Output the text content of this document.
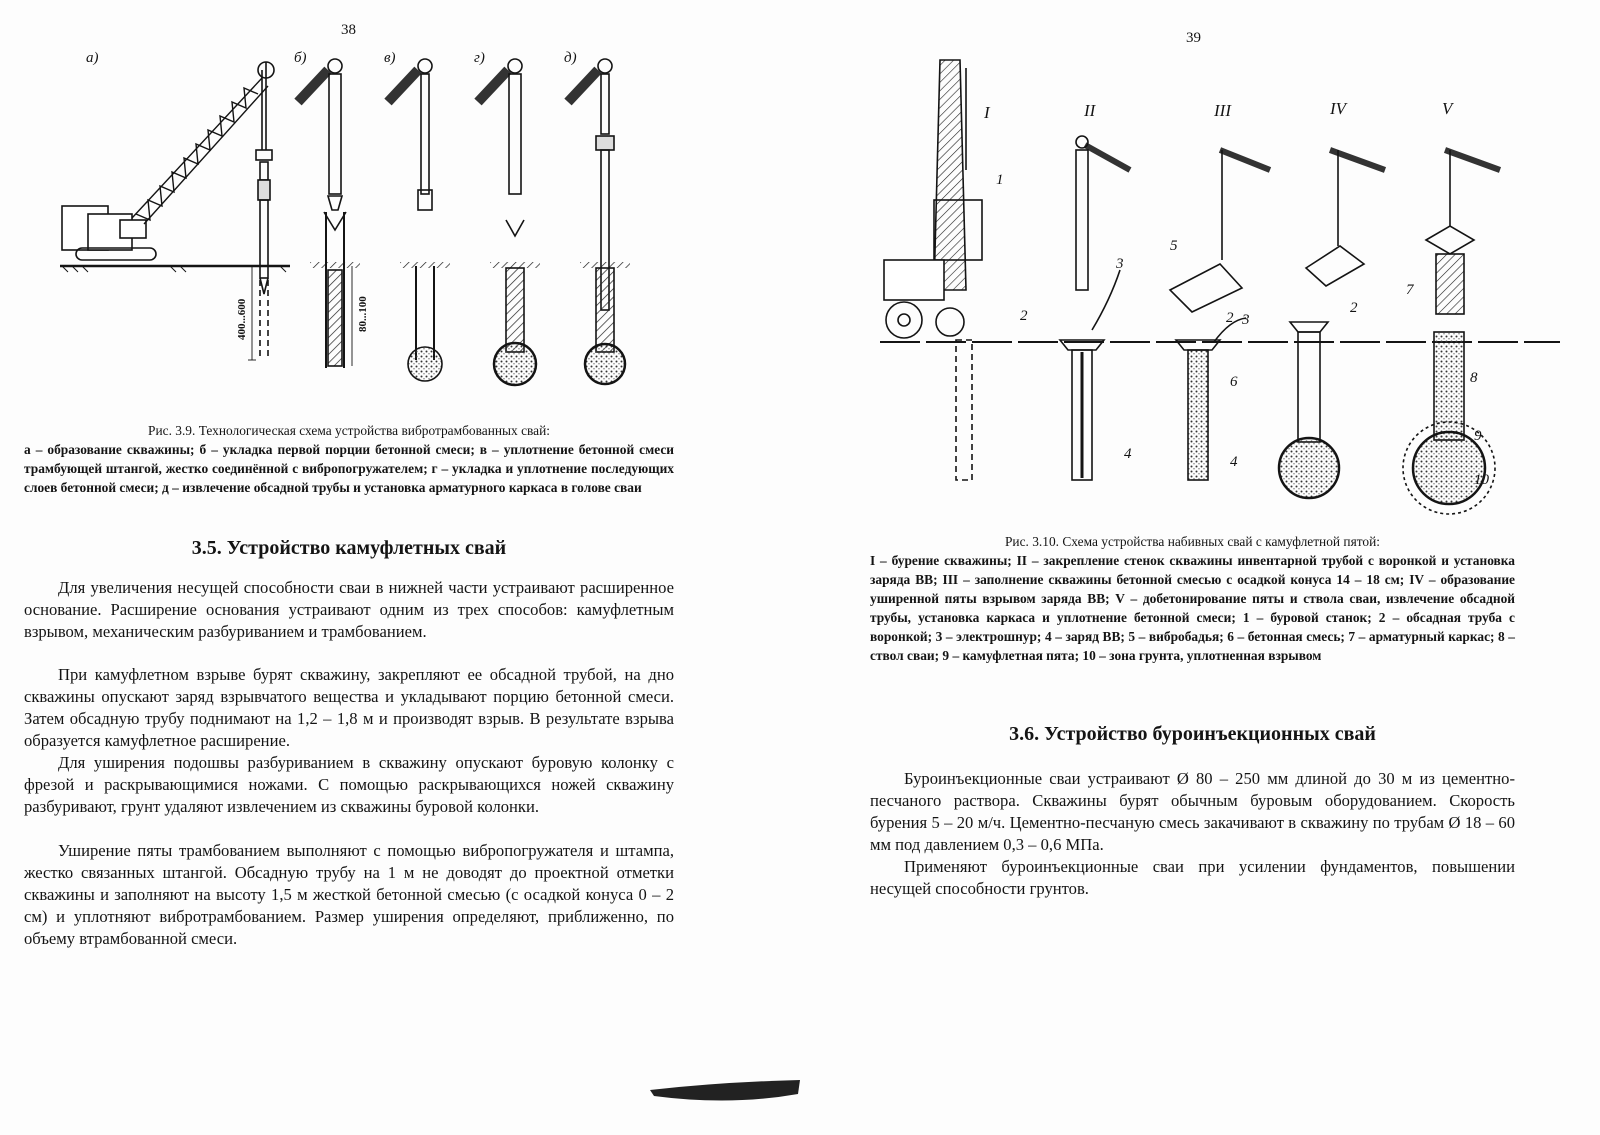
38
а)	б)	в)	г)	д)
400...600	80...100
Рис. 3.9. Технологическая схема устройства вибротрамбованных свай:
а – образование скважины; б – укладка первой порции бетонной смеси; в – уплотнение бетонной смеси трамбующей штангой, жестко соединённой с вибропогружателем; г – укладка и уплотнение последующих слоев бетонной смеси; д – извлечение обсадной трубы и установка арматурного каркаса в голове сваи
3.5. Устройство камуфлетных свай

Для увеличения несущей способности сваи в нижней части устраивают расширенное основание. Расширение основания устраивают одним из трех способов: камуфлетным взрывом, механическим разбуриванием и трамбованием.

При камуфлетном взрыве бурят скважину, закрепляют ее обсадной трубой, на дно скважины опускают заряд взрывчатого вещества и укладывают порцию бетонной смеси. Затем обсадную трубу поднимают на 1,2 – 1,8 м и производят взрыв. В результате взрыва образуется камуфлетное расширение.

Для уширения подошвы разбуриванием в скважину опускают буровую колонку с фрезой и раскрывающимися ножами. С помощью раскрывающихся ножей скважину разбуривают, грунт удаляют извлечением из скважины буровой колонки.

Уширение пяты трамбованием выполняют с помощью вибропогружателя и штампа, жестко связанных штангой. Обсадную трубу на 1 м не доводят до проектной отметки скважины и заполняют на высоту 1,5 м жесткой бетонной смесью (с осадкой конуса 0 – 2 см) и уплотняют вибротрамбованием. Размер уширения определяют, приближенно, по объему втрамбованной смеси.

39
I	II	III	IV	V
1
2
3
4
5
2 3
6
4
2
7
8
9
10
Рис. 3.10. Схема устройства набивных свай с камуфлетной пятой:
I – бурение скважины; II – закрепление стенок скважины инвентарной трубой с воронкой и установка заряда ВВ; III – заполнение скважины бетонной смесью с осадкой конуса 14 – 18 см; IV – образование уширенной пяты взрывом заряда ВВ; V – добетонирование пяты и ствола сваи, извлечение обсадной трубы, установка каркаса и уплотнение бетонной смеси; 1 – буровой станок; 2 – обсадная труба с воронкой; 3 – электрошнур; 4 – заряд ВВ; 5 – вибробадья; 6 – бетонная смесь; 7 – арматурный каркас; 8 – ствол сваи; 9 – камуфлетная пята; 10 – зона грунта, уплотненная взрывом
3.6. Устройство буроинъекционных свай

Буроинъекционные сваи устраивают Ø 80 – 250 мм длиной до 30 м из цементно-песчаного раствора. Скважины бурят обычным буровым оборудованием. Скорость бурения 5 – 20 м/ч. Цементно-песчаную смесь закачивают в скважину по трубам Ø 18 – 60 мм под давлением 0,3 – 0,6 МПа.

Применяют буроинъекционные сваи при усилении фундаментов, повышении несущей способности грунтов.
